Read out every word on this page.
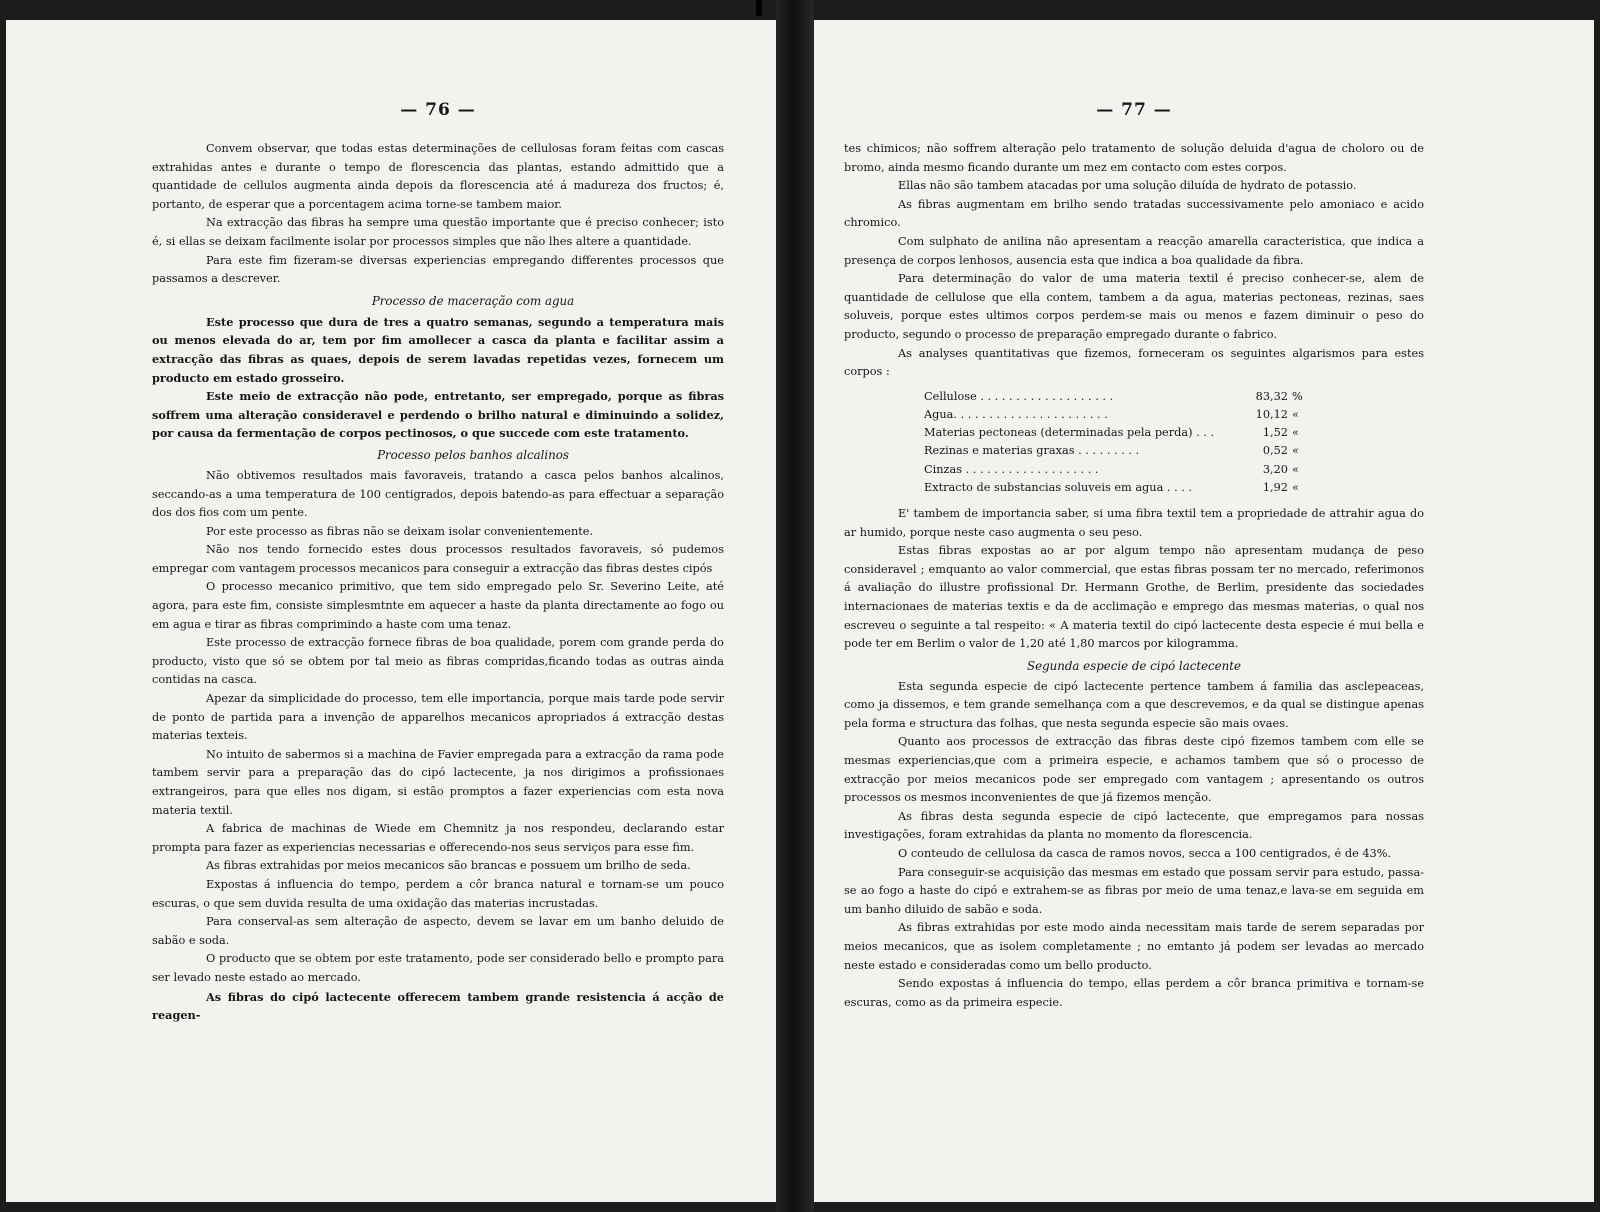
— 76 —

Convem observar, que todas estas determinações de cellulosas foram feitas com cascas extrahidas antes e durante o tempo de florescencia das plantas, estando admittido que a quantidade de cellulos augmenta ainda depois da florescencia até á madureza dos fructos; é, portanto, de esperar que a porcentagem acima torne-se tambem maior.

Na extracção das fibras ha sempre uma questão importante que é preciso conhecer; isto é, si ellas se deixam facilmente isolar por processos simples que não lhes altere a quantidade.

Para este fim fizeram-se diversas experiencias empregando differentes processos que passamos a descrever.

Processo de maceração com agua

Este processo que dura de tres a quatro semanas, segundo a temperatura mais ou menos elevada do ar, tem por fim amollecer a casca da planta e facilitar assim a extracção das fibras as quaes, depois de serem lavadas repetidas vezes, fornecem um producto em estado grosseiro.

Este meio de extracção não pode, entretanto, ser empregado, porque as fibras soffrem uma alteração consideravel e perdendo o brilho natural e diminuindo a solidez, por causa da fermentação de corpos pectinosos, o que succede com este tratamento.

Processo pelos banhos alcalinos

Não obtivemos resultados mais favoraveis, tratando a casca pelos banhos alcalinos, seccando-as a uma temperatura de 100 centigrados, depois batendo-as para effectuar a separação dos dos fios com um pente.

Por este processo as fibras não se deixam isolar convenientemente.

Não nos tendo fornecido estes dous processos resultados favoraveis, só pudemos empregar com vantagem processos mecanicos para conseguir a extracção das fibras destes cipós

O processo mecanico primitivo, que tem sido empregado pelo Sr. Severino Leite, até agora, para este fim, consiste simplesmtnte em aquecer a haste da planta directamente ao fogo ou em agua e tirar as fibras comprimindo a haste com uma tenaz.

Este processo de extracção fornece fibras de boa qualidade, porem com grande perda do producto, visto que só se obtem por tal meio as fibras compridas,ficando todas as outras ainda contidas na casca.

Apezar da simplicidade do processo, tem elle importancia, porque mais tarde pode servir de ponto de partida para a invenção de apparelhos mecanicos apropriados á extracção destas materias texteis.

No intuito de sabermos si a machina de Favier empregada para a extracção da rama pode tambem servir para a preparação das do cipó lactecente, ja nos dirigimos a profissionaes extrangeiros, para que elles nos digam, si estão promptos a fazer experiencias com esta nova materia textil.

A fabrica de machinas de Wiede em Chemnitz ja nos respondeu, declarando estar prompta para fazer as experiencias necessarias e offerecendo-nos seus serviços para esse fim.

As fibras extrahidas por meios mecanicos são brancas e possuem um brilho de seda.

Expostas á influencia do tempo, perdem a côr branca natural e tornam-se um pouco escuras, o que sem duvida resulta de uma oxidação das materias incrustadas.

Para conserval-as sem alteração de aspecto, devem se lavar em um banho deluido de sabão e soda.

O producto que se obtem por este tratamento, pode ser considerado bello e prompto para ser levado neste estado ao mercado.

As fibras do cipó lactecente offerecem tambem grande resistencia á acção de reagen-

— 77 —

tes chimicos; não soffrem alteração pelo tratamento de solução deluida d'agua de choloro ou de bromo, ainda mesmo ficando durante um mez em contacto com estes corpos.

Ellas não são tambem atacadas por uma solução diluída de hydrato de potassio.

As fibras augmentam em brilho sendo tratadas successivamente pelo amoniaco e acido chromico.

Com sulphato de anilina não apresentam a reacção amarella caracteristica, que indica a presença de corpos lenhosos, ausencia esta que indica a boa qualidade da fibra.

Para determinação do valor de uma materia textil é preciso conhecer-se, alem de quantidade de cellulose que ella contem, tambem a da agua, materias pectoneas, rezinas, saes soluveis, porque estes ultimos corpos perdem-se mais ou menos e fazem diminuir o peso do producto, segundo o processo de preparação empregado durante o fabrico.

As analyses quantitativas que fizemos, forneceram os seguintes algarismos para estes corpos :

Cellulose . . . . . . . . . . . . . . . . . . .	83,32	%
Agua. . . . . . . . . . . . . . . . . . . . . .	10,12	«
Materias pectoneas (determinadas pela perda) . . .	1,52	«
Rezinas e materias graxas . . . . . . . . .	0,52	«
Cinzas . . . . . . . . . . . . . . . . . . .	3,20	«
Extracto de substancias soluveis em agua . . . .	1,92	«

E' tambem de importancia saber, si uma fibra textil tem a propriedade de attrahir agua do ar humido, porque neste caso augmenta o seu peso.

Estas fibras expostas ao ar por algum tempo não apresentam mudança de peso consideravel ; emquanto ao valor commercial, que estas fibras possam ter no mercado, referimonos á avaliação do illustre profissional Dr. Hermann Grothe, de Berlim, presidente das sociedades internacionaes de materias textis e da de acclimação e emprego das mesmas materias, o qual nos escreveu o seguinte a tal respeito: « A materia textil do cipó lactecente desta especie é mui bella e pode ter em Berlim o valor de 1,20 até 1,80 marcos por kilogramma.

Segunda especie de cipó lactecente

Esta segunda especie de cipó lactecente pertence tambem á familia das asclepeaceas, como ja dissemos, e tem grande semelhança com a que descrevemos, e da qual se distingue apenas pela forma e structura das folhas, que nesta segunda especie são mais ovaes.

Quanto aos processos de extracção das fibras deste cipó fizemos tambem com elle se mesmas experiencias,que com a primeira especie, e achamos tambem que só o processo de extracção por meios mecanicos pode ser empregado com vantagem ; apresentando os outros processos os mesmos inconvenientes de que já fizemos menção.

As fibras desta segunda especie de cipó lactecente, que empregamos para nossas investigações, foram extrahidas da planta no momento da florescencia.

O conteudo de cellulosa da casca de ramos novos, secca a 100 centigrados, é de 43%.

Para conseguir-se acquisição das mesmas em estado que possam servir para estudo, passa-se ao fogo a haste do cipó e extrahem-se as fibras por meio de uma tenaz,e lava-se em seguida em um banho diluido de sabão e soda.

As fibras extrahidas por este modo ainda necessitam mais tarde de serem separadas por meios mecanicos, que as isolem completamente ; no emtanto já podem ser levadas ao mercado neste estado e consideradas como um bello producto.

Sendo expostas á influencia do tempo, ellas perdem a côr branca primitiva e tornam-se escuras, como as da primeira especie.
